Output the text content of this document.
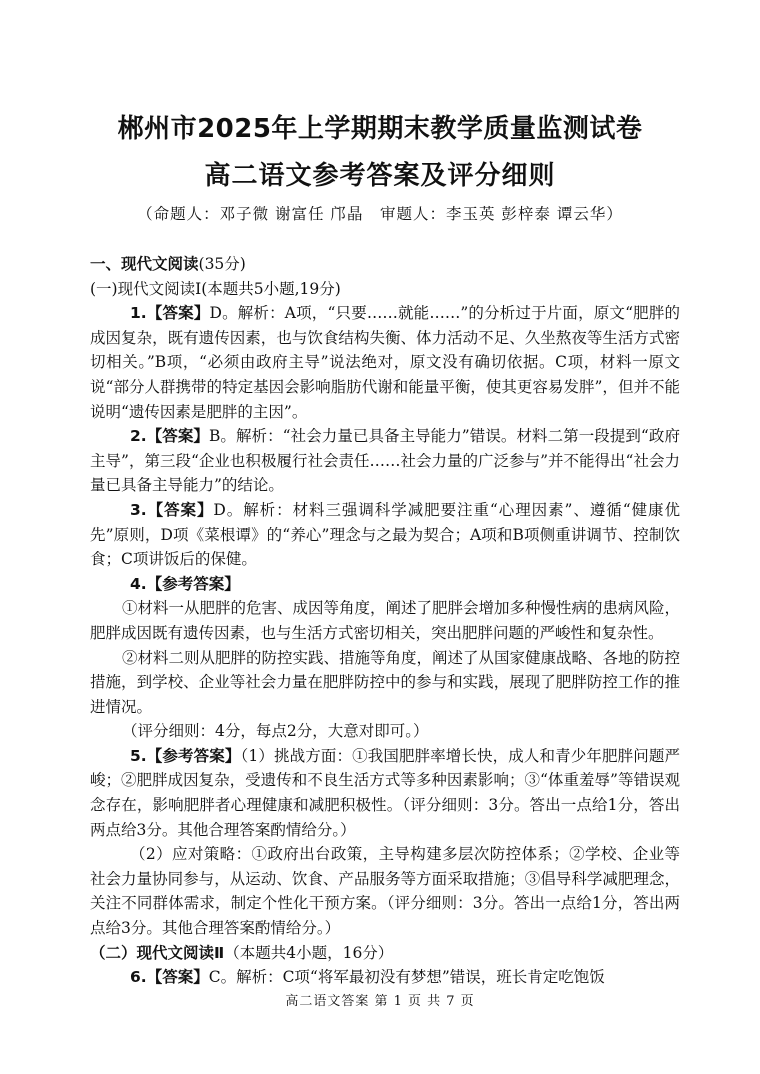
郴州市2025年上学期期末教学质量监测试卷
高二语文参考答案及评分细则
（命题人：邓子微 谢富任 邝晶　审题人：李玉英 彭梓泰 谭云华）

一、现代文阅读(35分)

(一)现代文阅读Ⅰ(本题共5小题,19分)

1.【答案】D。解析：A项，“只要……就能……”的分析过于片面，原文“肥胖的成因复杂，既有遗传因素，也与饮食结构失衡、体力活动不足、久坐熬夜等生活方式密切相关。”B项，“必须由政府主导”说法绝对，原文没有确切依据。C项，材料一原文说“部分人群携带的特定基因会影响脂肪代谢和能量平衡，使其更容易发胖”，但并不能说明“遗传因素是肥胖的主因”。

2.【答案】B。解析：“社会力量已具备主导能力”错误。材料二第一段提到“政府主导”，第三段“企业也积极履行社会责任……社会力量的广泛参与”并不能得出“社会力量已具备主导能力”的结论。

3.【答案】D。解析：材料三强调科学减肥要注重“心理因素”、遵循“健康优先”原则，D项《菜根谭》的“养心”理念与之最为契合；A项和B项侧重讲调节、控制饮食；C项讲饭后的保健。

4.【参考答案】

①材料一从肥胖的危害、成因等角度，阐述了肥胖会增加多种慢性病的患病风险，肥胖成因既有遗传因素，也与生活方式密切相关，突出肥胖问题的严峻性和复杂性。

②材料二则从肥胖的防控实践、措施等角度，阐述了从国家健康战略、各地的防控措施，到学校、企业等社会力量在肥胖防控中的参与和实践，展现了肥胖防控工作的推进情况。

（评分细则：4分，每点2分，大意对即可。）

5.【参考答案】（1）挑战方面：①我国肥胖率增长快，成人和青少年肥胖问题严峻；②肥胖成因复杂，受遗传和不良生活方式等多种因素影响；③“体重羞辱”等错误观念存在，影响肥胖者心理健康和减肥积极性。（评分细则：3分。答出一点给1分，答出两点给3分。其他合理答案酌情给分。）

（2）应对策略：①政府出台政策，主导构建多层次防控体系；②学校、企业等社会力量协同参与，从运动、饮食、产品服务等方面采取措施；③倡导科学减肥理念，关注不同群体需求，制定个性化干预方案。（评分细则：3分。答出一点给1分，答出两点给3分。其他合理答案酌情给分。）

（二）现代文阅读Ⅱ（本题共4小题，16分）

6.【答案】C。解析：C项“将军最初没有梦想”错误，班长肯定吃饱饭

高二语文答案 第 1 页 共 7 页
